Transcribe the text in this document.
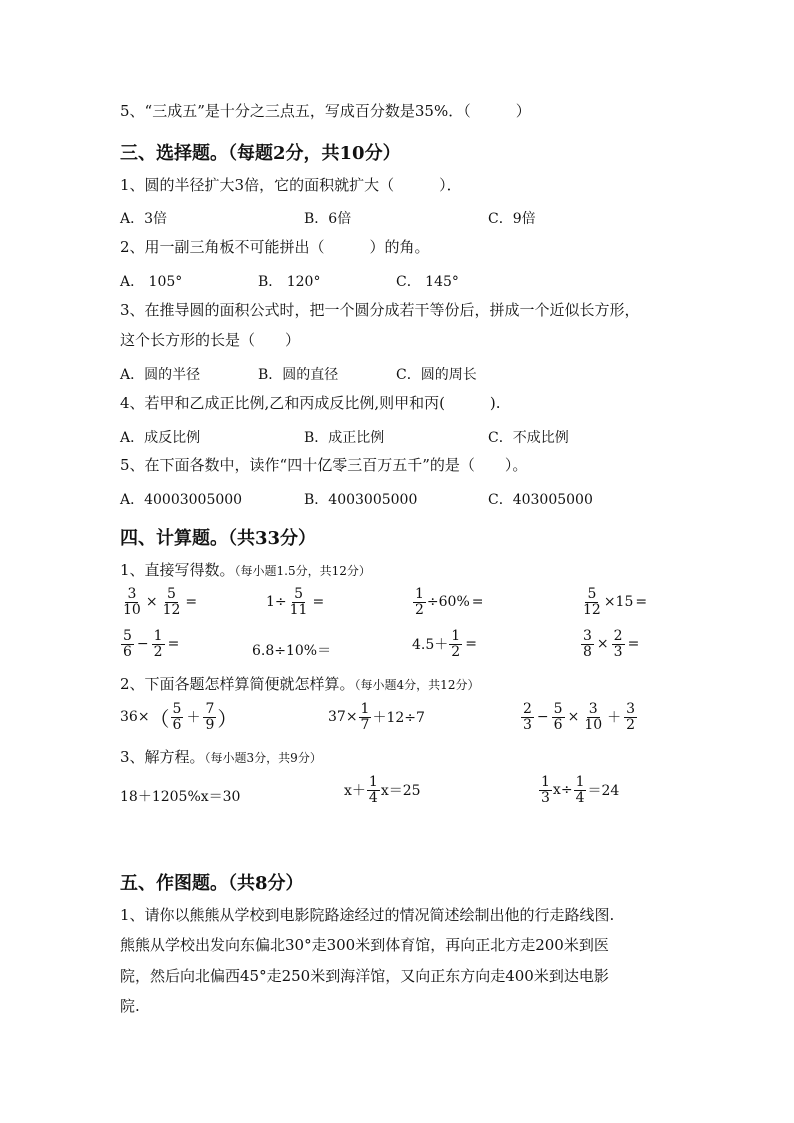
5、“三成五”是十分之三点五，写成百分数是35%．（　　　）
三、选择题。（每题2分，共10分）
1、圆的半径扩大3倍，它的面积就扩大（　　　）．
A．3倍	B．6倍	C．9倍
2、用一副三角板不可能拼出（　　　）的角。
A． 105°	B． 120°	C． 145°
3、在推导圆的面积公式时，把一个圆分成若干等份后，拼成一个近似长方形，
这个长方形的长是（　　）
A．圆的半径	B．圆的直径	C．圆的周长
4、若甲和乙成正比例,乙和丙成反比例,则甲和丙(　　　).
A．成反比例	B．成正比例	C．不成比例
5、在下面各数中，读作“四十亿零三百万五千”的是（　　）。
A．40003005000	B．4003005000	C．403005000
四、计算题。（共33分）
1、直接写得数。（每小题1.5分，共12分）
$\frac{3}{10} \times \frac{5}{12}$ =	$1\div \frac{5}{11}$ =	$\frac{1}{2} \div 60\%$ =	$\frac{5}{12} \times 15$ =
$\frac{5}{6} - \frac{1}{2}$ =	6.8÷10%＝	$4.5+ \frac{1}{2}$ =	$\frac{3}{8} \times \frac{2}{3}$ =
2、下面各题怎样算简便就怎样算。（每小题4分，共12分）
36× （ $\frac{5}{6} + \frac{7}{9}$ ）	$37\times \frac{1}{7} +12\div 7$	$\frac{2}{3} - \frac{5}{6} \times \frac{3}{10} + \frac{3}{2}$
3、解方程。（每小题3分，共9分）
18＋1205%x＝30	$x+ \frac{1}{4} x=25$	$\frac{1}{3} x\div \frac{1}{4} =24$
五、作图题。（共8分）
1、请你以熊熊从学校到电影院路途经过的情况简述绘制出他的行走路线图.
熊熊从学校出发向东偏北30°走300米到体育馆，再向正北方走200米到医
院，然后向北偏西45°走250米到海洋馆，又向正东方向走400米到达电影
院.
